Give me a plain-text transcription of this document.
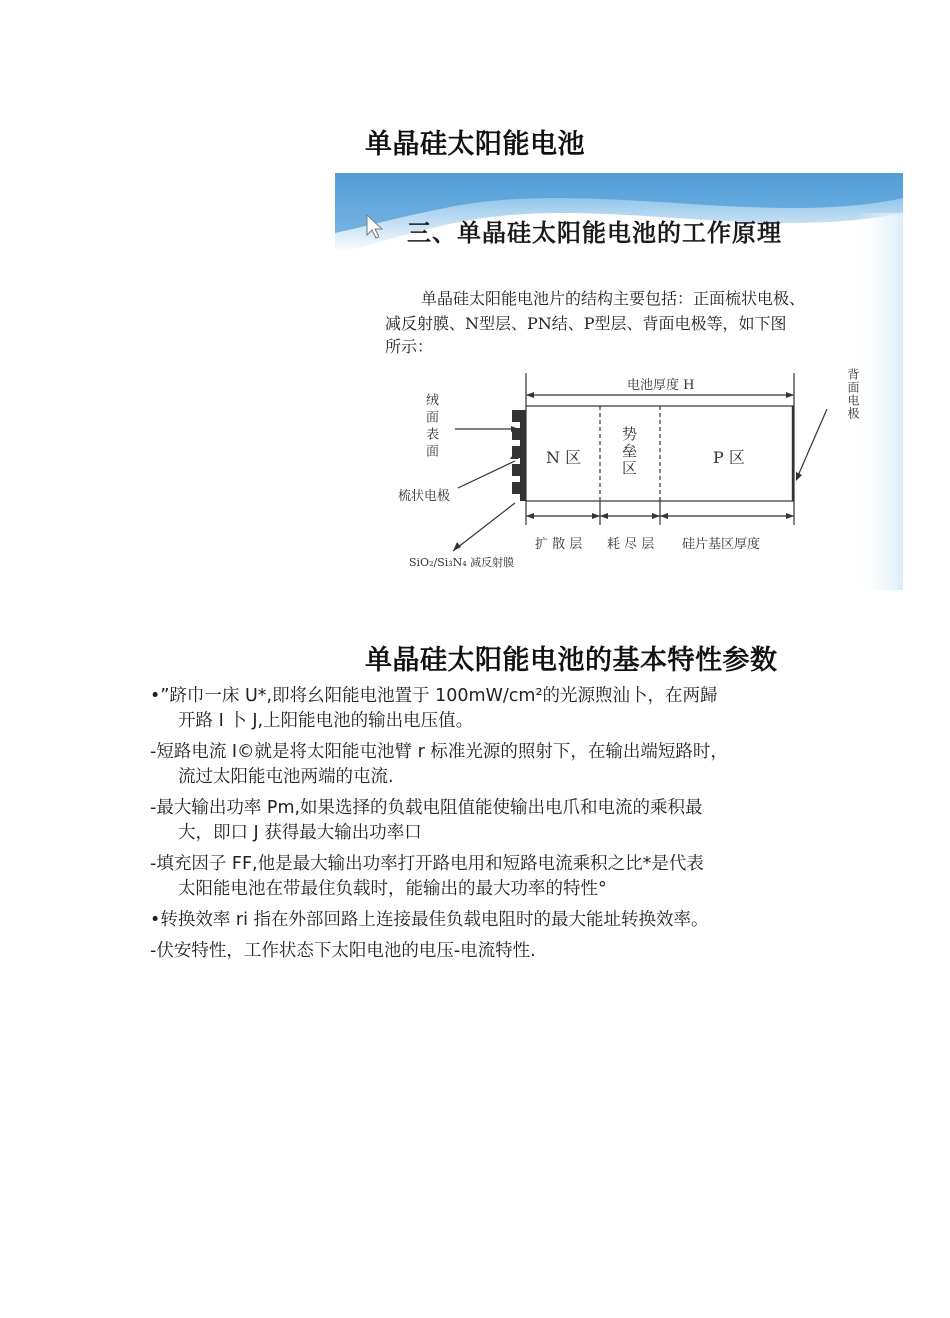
单晶硅太阳能电池
三、单晶硅太阳能电池的工作原理
单晶硅太阳能电池片的结构主要包括：正面梳状电极、
减反射膜、N型层、PN结、P型层、背面电极等，如下图
所示：
绒面表面
梳状电极
SiO₂/Si₃N₄ 减反射膜
电池厚度 H
N 区	势垒区	P 区
背面电极
扩 散 层 耗 尽 层 硅片基区厚度
单晶硅太阳能电池的基本特性参数
•”跻巾一床 U*,即将幺阳能电池置于 100mW/cm²的光源煦汕卜，在两歸
开路 I 卜 J,上阳能电池的输出电压值。
-短路电流 I©就是将太阳能屯池臂 r 标准光源的照射下，在输出端短路时，
流过太阳能屯池两端的屯流.
-最大输出功率 Pm,如果选择的负载电阻值能使输出电爪和电流的乘积最
大，即口 J 获得最大输出功率口
-填充因子 FF,他是最大输出功率打开路电用和短路电流乘积之比*是代表
太阳能电池在带最住负载时，能输出的最大功率的特性°
•转换效率 ri 指在外部回路上连接最佳负载电阻时的最大能址转换效率。
-伏安特性，工作状态下太阳电池的电压-电流特性.
